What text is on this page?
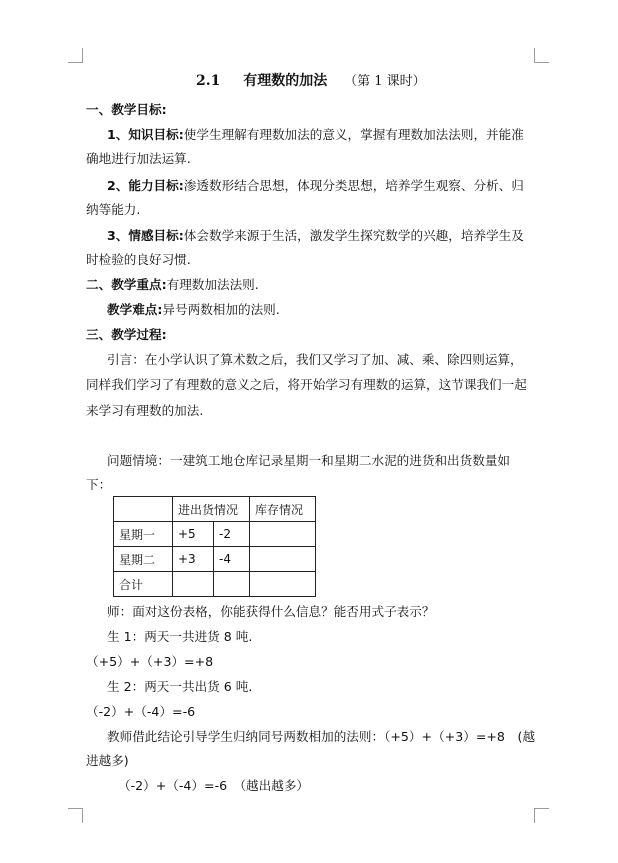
2.1 有理数的加法 （第 1 课时）
一、教学目标:
1、知识目标:使学生理解有理数加法的意义，掌握有理数加法法则，并能准
确地进行加法运算.
2、能力目标:渗透数形结合思想，体现分类思想，培养学生观察、分析、归
纳等能力.
3、情感目标:体会数学来源于生活，激发学生探究数学的兴趣，培养学生及
时检验的良好习惯.
二、教学重点:有理数加法法则.
教学难点:异号两数相加的法则.
三、教学过程:
引言：在小学认识了算术数之后，我们又学习了加、减、乘、除四则运算，
同样我们学习了有理数的意义之后，将开始学习有理数的运算，这节课我们一起
来学习有理数的加法.
问题情境：一建筑工地仓库记录星期一和星期二水泥的进货和出货数量如
下：
	进出货情况		库存情况
星期一	+5	-2	
星期二	+3	-4	
合计			
师：面对这份表格，你能获得什么信息？能否用式子表示？
生 1：两天一共进货 8 吨.
（+5）+（+3）=+8
生 2：两天一共出货 6 吨.
（-2）+（-4）=-6
教师借此结论引导学生归纳同号两数相加的法则：（+5）+（+3）=+8　(越
进越多)
（-2）+（-4）=-6　（越出越多）
